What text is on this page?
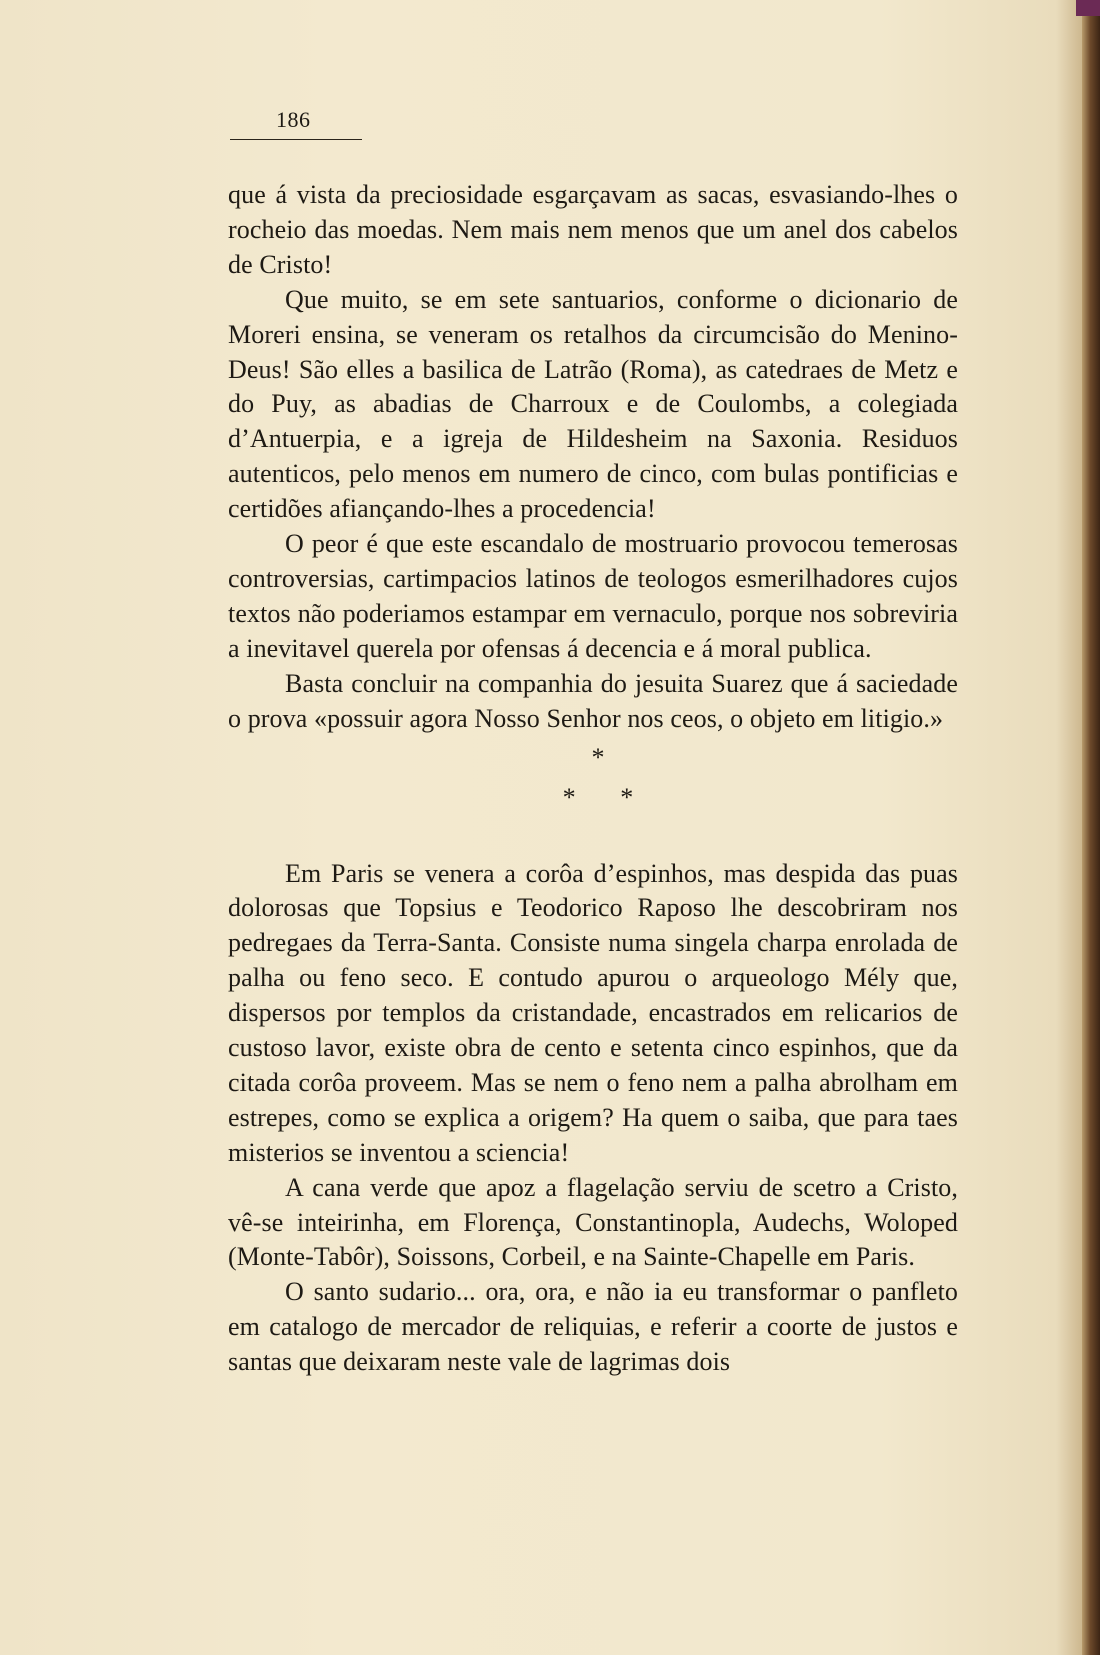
186

que á vista da preciosidade esgarçavam as sacas, esvasiando-lhes o rocheio das moedas. Nem mais nem menos que um anel dos cabelos de Cristo!

Que muito, se em sete santuarios, conforme o dicionario de Moreri ensina, se veneram os retalhos da circumcisão do Menino-Deus! São elles a basilica de Latrão (Roma), as catedraes de Metz e do Puy, as abadias de Charroux e de Coulombs, a colegiada d’Antuerpia, e a igreja de Hildesheim na Saxonia. Residuos autenticos, pelo menos em numero de cinco, com bulas pontificias e certidões afiançando-lhes a procedencia!

O peor é que este escandalo de mostruario provocou temerosas controversias, cartimpacios latinos de teologos esmerilhadores cujos textos não poderiamos estampar em vernaculo, porque nos sobreviria a inevitavel querela por ofensas á decencia e á moral publica.

Basta concluir na companhia do jesuita Suarez que á saciedade o prova «possuir agora Nosso Senhor nos ceos, o objeto em litigio.»

*
* *

Em Paris se venera a corôa d’espinhos, mas despida das puas dolorosas que Topsius e Teodorico Raposo lhe descobriram nos pedregaes da Terra-Santa. Consiste numa singela charpa enrolada de palha ou feno seco. E contudo apurou o arqueologo Mély que, dispersos por templos da cristandade, encastrados em relicarios de custoso lavor, existe obra de cento e setenta cinco espinhos, que da citada corôa proveem. Mas se nem o feno nem a palha abrolham em estrepes, como se explica a origem? Ha quem o saiba, que para taes misterios se inventou a sciencia!

A cana verde que apoz a flagelação serviu de scetro a Cristo, vê-se inteirinha, em Florença, Constantinopla, Audechs, Woloped (Monte-Tabôr), Soissons, Corbeil, e na Sainte-Chapelle em Paris.

O santo sudario... ora, ora, e não ia eu transformar o panfleto em catalogo de mercador de reliquias, e referir a coorte de justos e santas que deixaram neste vale de lagrimas dois
